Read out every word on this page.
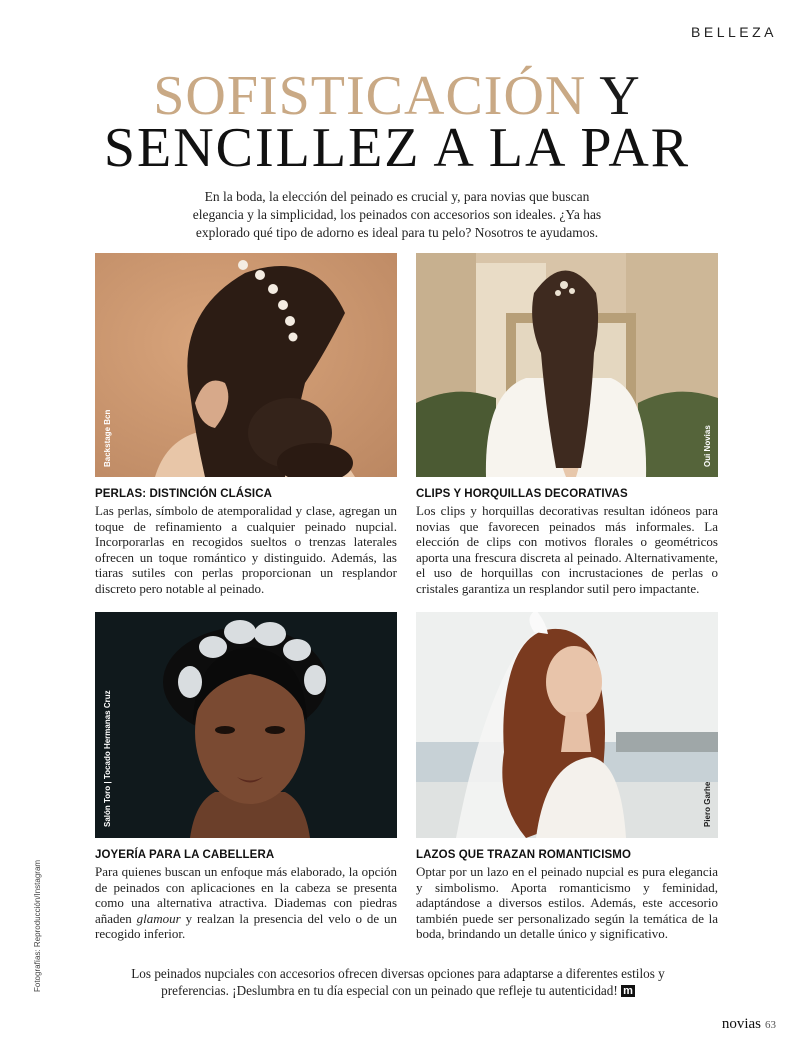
BELLEZA
SOFISTICACIÓN Y
SENCILLEZ A LA PAR

En la boda, la elección del peinado es crucial y, para novias que buscan elegancia y la simplicidad, los peinados con accesorios son ideales. ¿Ya has explorado qué tipo de adorno es ideal para tu pelo? Nosotros te ayudamos.

Backstage Bcn	Oui Novias
PERLAS: DISTINCIÓN CLÁSICA

Las perlas, símbolo de atemporalidad y clase, agregan un toque de refinamiento a cualquier peinado nupcial. Incorporarlas en recogidos sueltos o trenzas laterales ofrecen un toque romántico y distinguido. Además, las tiaras sutiles con perlas proporcionan un resplandor discreto pero notable al peinado.

CLIPS Y HORQUILLAS DECORATIVAS

Los clips y horquillas decorativas resultan idóneos para novias que favorecen peinados más informales. La elección de clips con motivos florales o geométricos aporta una frescura discreta al peinado. Alternativamente, el uso de horquillas con incrustaciones de perlas o cristales garantiza un resplandor sutil pero impactante.

Salón Toro | Tocado Hermanas Cruz	Piero Garhe
JOYERÍA PARA LA CABELLERA

Para quienes buscan un enfoque más elaborado, la opción de peinados con aplicaciones en la cabeza se presenta como una alternativa atractiva. Diademas con piedras añaden glamour y realzan la presencia del velo o de un recogido inferior.

LAZOS QUE TRAZAN ROMANTICISMO

Optar por un lazo en el peinado nupcial es pura elegancia y simbolismo. Aporta romanticismo y feminidad, adaptándose a diversos estilos. Además, este accesorio también puede ser personalizado según la temática de la boda, brindando un detalle único y significativo.

Los peinados nupciales con accesorios ofrecen diversas opciones para adaptarse a diferentes estilos y preferencias. ¡Deslumbra en tu día especial con un peinado que refleje tu autenticidad! m

Fotografías: Reproducción/Instagram
novias 63
